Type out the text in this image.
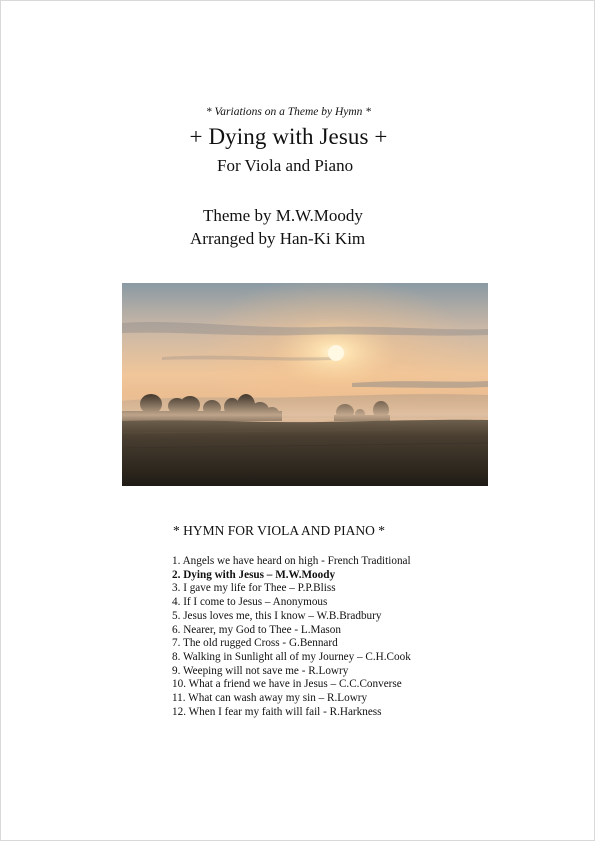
* Variations on a Theme by Hymn *
+ Dying with Jesus +
For Viola and Piano
Theme by M.W.Moody
Arranged by Han-Ki Kim
* HYMN FOR VIOLA AND PIANO *
1. Angels we have heard on high - French Traditional
2. Dying with Jesus – M.W.Moody
3. I gave my life for Thee – P.P.Bliss
4. If I come to Jesus – Anonymous
5. Jesus loves me, this I know – W.B.Bradbury
6. Nearer, my God to Thee - L.Mason
7. The old rugged Cross - G.Bennard
8. Walking in Sunlight all of my Journey – C.H.Cook
9. Weeping will not save me - R.Lowry
10. What a friend we have in Jesus – C.C.Converse
11. What can wash away my sin – R.Lowry
12. When I fear my faith will fail - R.Harkness
